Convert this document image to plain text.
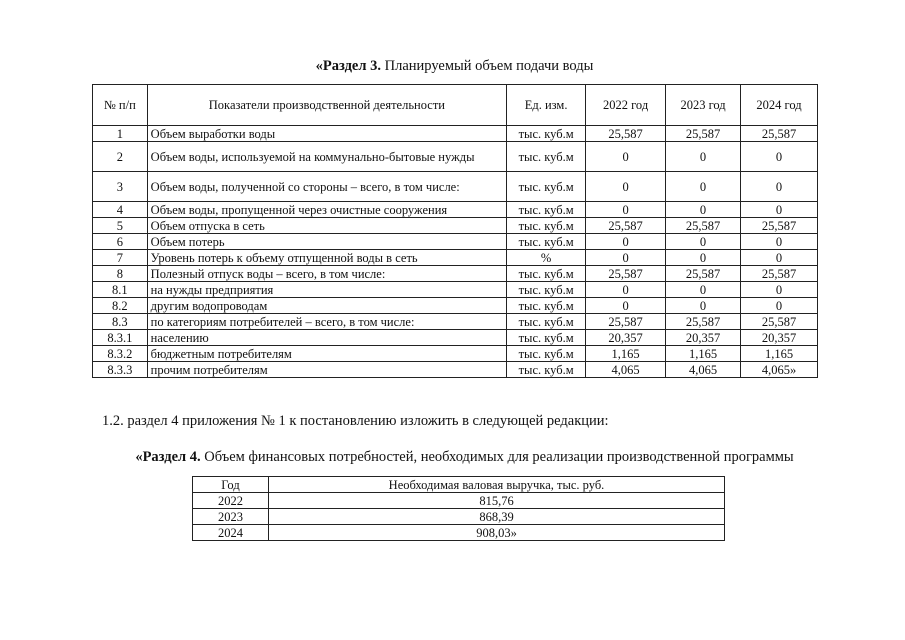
«Раздел 3. Планируемый объем подачи воды
№ п/п	Показатели производственной деятельности	Ед. изм.	2022 год	2023 год	2024 год
1	Объем выработки воды	тыс. куб.м	25,587	25,587	25,587
2	Объем воды, используемой на коммунально-бытовые нужды	тыс. куб.м	0	0	0
3	Объем воды, полученной со стороны – всего, в том числе:	тыс. куб.м	0	0	0
4	Объем воды, пропущенной через очистные сооружения	тыс. куб.м	0	0	0
5	Объем отпуска в сеть	тыс. куб.м	25,587	25,587	25,587
6	Объем потерь	тыс. куб.м	0	0	0
7	Уровень потерь к объему отпущенной воды в сеть	%	0	0	0
8	Полезный отпуск воды – всего, в том числе:	тыс. куб.м	25,587	25,587	25,587
8.1	на нужды предприятия	тыс. куб.м	0	0	0
8.2	другим водопроводам	тыс. куб.м	0	0	0
8.3	по категориям потребителей – всего, в том числе:	тыс. куб.м	25,587	25,587	25,587
8.3.1	населению	тыс. куб.м	20,357	20,357	20,357
8.3.2	бюджетным потребителям	тыс. куб.м	1,165	1,165	1,165
8.3.3	прочим потребителям	тыс. куб.м	4,065	4,065	4,065»
1.2. раздел 4 приложения № 1 к постановлению изложить в следующей редакции:
«Раздел 4. Объем финансовых потребностей, необходимых для реализации производственной программы
Год	Необходимая валовая выручка, тыс. руб.
2022	815,76
2023	868,39
2024	908,03»
